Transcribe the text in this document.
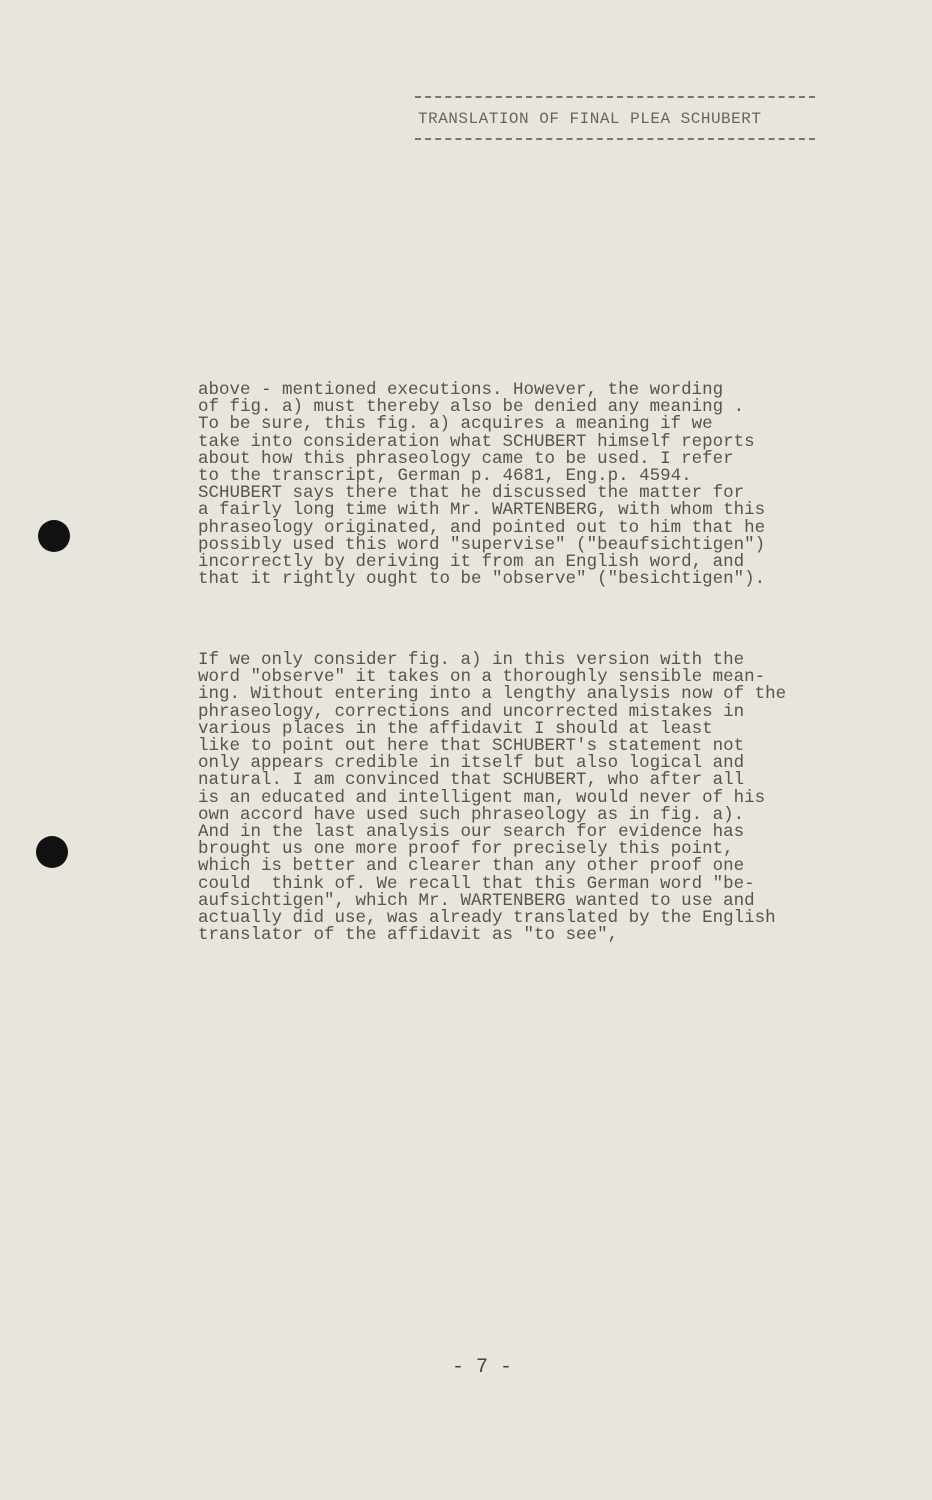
TRANSLATION OF FINAL PLEA SCHUBERT

above - mentioned executions. However, the wording
of fig. a) must thereby also be denied any meaning .
To be sure, this fig. a) acquires a meaning if we
take into consideration what SCHUBERT himself reports
about how this phraseology came to be used. I refer
to the transcript, German p. 4681, Eng.p. 4594.
SCHUBERT says there that he discussed the matter for
a fairly long time with Mr. WARTENBERG, with whom this
phraseology originated, and pointed out to him that he
possibly used this word "supervise" ("beaufsichtigen")
incorrectly by deriving it from an English word, and
that it rightly ought to be "observe" ("besichtigen").

If we only consider fig. a) in this version with the
word "observe" it takes on a thoroughly sensible mean-
ing. Without entering into a lengthy analysis now of the
phraseology, corrections and uncorrected mistakes in
various places in the affidavit I should at least
like to point out here that SCHUBERT's statement not
only appears credible in itself but also logical and
natural. I am convinced that SCHUBERT, who after all
is an educated and intelligent man, would never of his
own accord have used such phraseology as in fig. a).
And in the last analysis our search for evidence has
brought us one more proof for precisely this point,
which is better and clearer than any other proof one
could  think of. We recall that this German word "be-
aufsichtigen", which Mr. WARTENBERG wanted to use and
actually did use, was already translated by the English
translator of the affidavit as "to see",

- 7 -
